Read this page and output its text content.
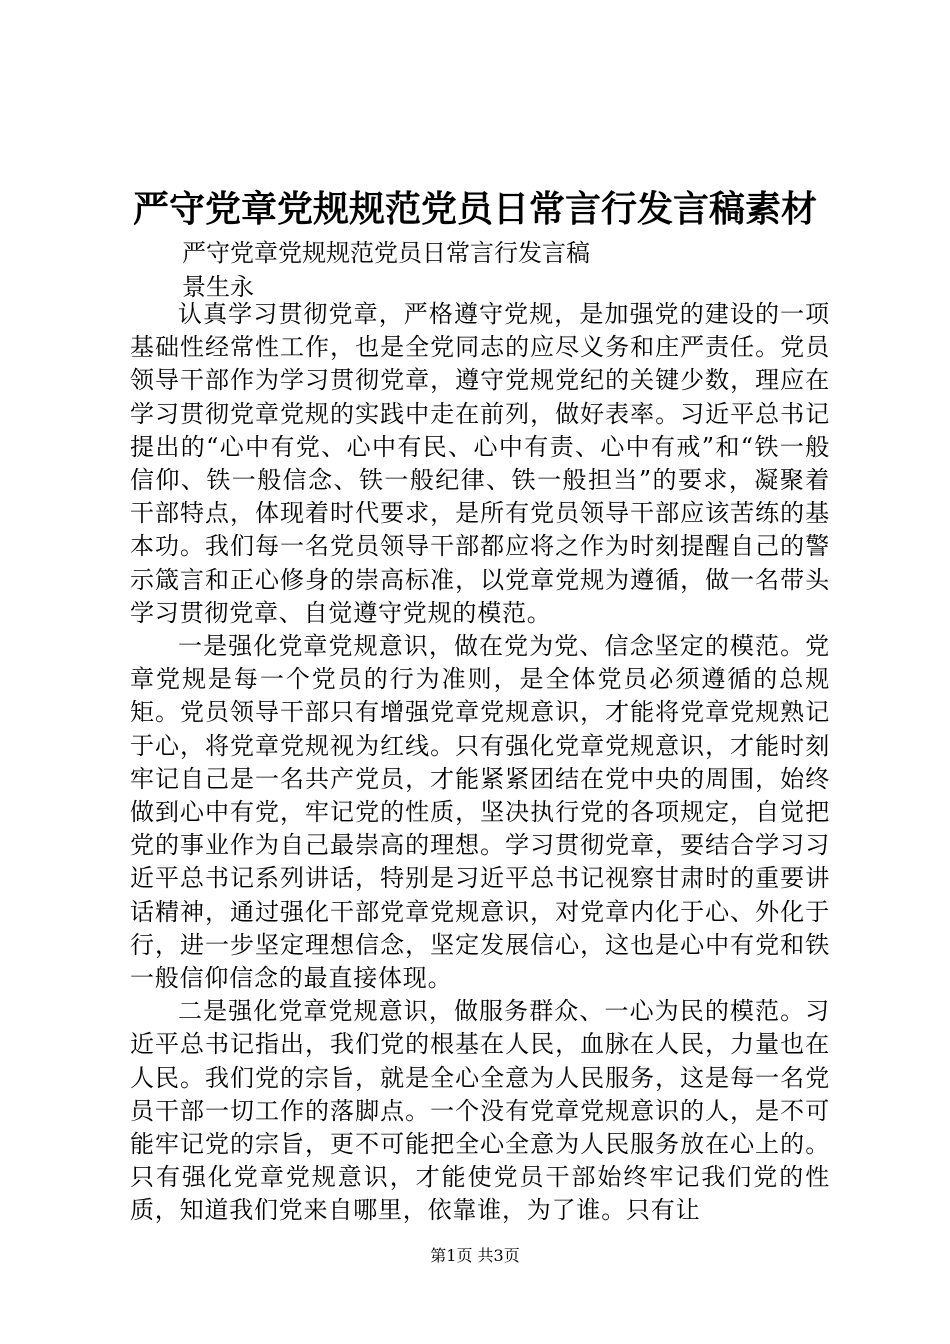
严守党章党规规范党员日常言行发言稿素材
严守党章党规规范党员日常言行发言稿
景生永

认真学习贯彻党章，严格遵守党规，是加强党的建设的一项基础性经常性工作，也是全党同志的应尽义务和庄严责任。党员领导干部作为学习贯彻党章，遵守党规党纪的关键少数，理应在学习贯彻党章党规的实践中走在前列，做好表率。习近平总书记提出的“心中有党、心中有民、心中有责、心中有戒”和“铁一般信仰、铁一般信念、铁一般纪律、铁一般担当”的要求，凝聚着干部特点，体现着时代要求，是所有党员领导干部应该苦练的基本功。我们每一名党员领导干部都应将之作为时刻提醒自己的警示箴言和正心修身的崇高标准，以党章党规为遵循，做一名带头学习贯彻党章、自觉遵守党规的模范。

一是强化党章党规意识，做在党为党、信念坚定的模范。党章党规是每一个党员的行为准则，是全体党员必须遵循的总规矩。党员领导干部只有增强党章党规意识，才能将党章党规熟记于心，将党章党规视为红线。只有强化党章党规意识，才能时刻牢记自己是一名共产党员，才能紧紧团结在党中央的周围，始终做到心中有党，牢记党的性质，坚决执行党的各项规定，自觉把党的事业作为自己最崇高的理想。学习贯彻党章，要结合学习习近平总书记系列讲话，特别是习近平总书记视察甘肃时的重要讲话精神，通过强化干部党章党规意识，对党章内化于心、外化于行，进一步坚定理想信念，坚定发展信心，这也是心中有党和铁一般信仰信念的最直接体现。

二是强化党章党规意识，做服务群众、一心为民的模范。习近平总书记指出，我们党的根基在人民，血脉在人民，力量也在人民。我们党的宗旨，就是全心全意为人民服务，这是每一名党员干部一切工作的落脚点。一个没有党章党规意识的人，是不可能牢记党的宗旨，更不可能把全心全意为人民服务放在心上的。只有强化党章党规意识，才能使党员干部始终牢记我们党的性质，知道我们党来自哪里，依靠谁，为了谁。只有让

第1页 共3页
